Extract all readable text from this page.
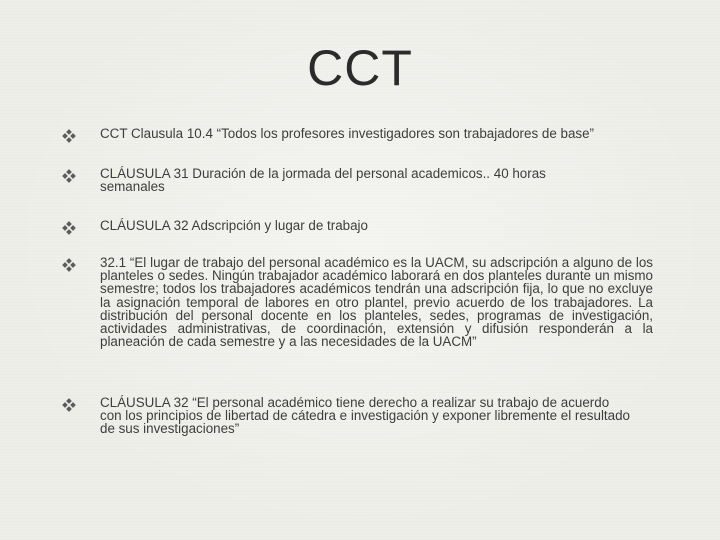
CCT
CCT Clausula 10.4 “Todos los profesores investigadores son trabajadores de base”
CLÁUSULA 31 Duración de la jormada del personal academicos.. 40 horas semanales
CLÁUSULA 32 Adscripción y lugar de trabajo
32.1 “El lugar de trabajo del personal académico es la UACM, su adscripción a alguno de los planteles o sedes. Ningún trabajador académico laborará en dos planteles durante un mismo semestre; todos los trabajadores académicos tendrán una adscripción fija, lo que no excluye la asignación temporal de labores en otro plantel, previo acuerdo de los trabajadores. La distribución del personal docente en los planteles, sedes, programas de investigación, actividades administrativas, de coordinación, extensión y difusión responderán a la planeación de cada semestre y a las necesidades de la UACM”
CLÁUSULA 32 “El personal académico tiene derecho a realizar su trabajo de acuerdo con los principios de libertad de cátedra e investigación y exponer libremente el resultado de sus investigaciones”
